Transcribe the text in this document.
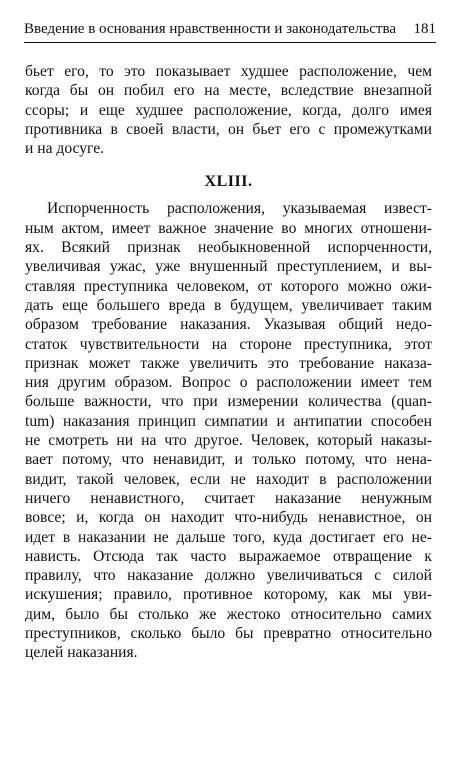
Введение в основания нравственности и законодательства 181
бьет его, то это показывает худшее расположение, чем
когда бы он побил его на месте, вследствие внезапной
ссоры; и еще худшее расположение, когда, долго имея
противника в своей власти, он бьет его с промежутками
и на досуге.
XLIII.
Испорченность расположения, указываемая извест-
ным актом, имеет важное значение во многих отношени-
ях. Всякий признак необыкновенной испорченности,
увеличивая ужас, уже внушенный преступлением, и вы-
ставляя преступника человеком, от которого можно ожи-
дать еще большего вреда в будущем, увеличивает таким
образом требование наказания. Указывая общий недо-
статок чувствительности на стороне преступника, этот
признак может также увеличить это требование наказа-
ния другим образом. Вопрос о расположении имеет тем
больше важности, что при измерении количества (quan-
tum) наказания принцип симпатии и антипатии способен
не смотреть ни на что другое. Человек, который наказы-
вает потому, что ненавидит, и только потому, что нена-
видит, такой человек, если не находит в расположении
ничего ненавистного, считает наказание ненужным
вовсе; и, когда он находит что-нибудь ненавистное, он
идет в наказании не дальше того, куда достигает его не-
нависть. Отсюда так часто выражаемое отвращение к
правилу, что наказание должно увеличиваться с силой
искушения; правило, противное которому, как мы уви-
дим, было бы столько же жестоко относительно самих
преступников, сколько было бы превратно относительно
целей наказания.
